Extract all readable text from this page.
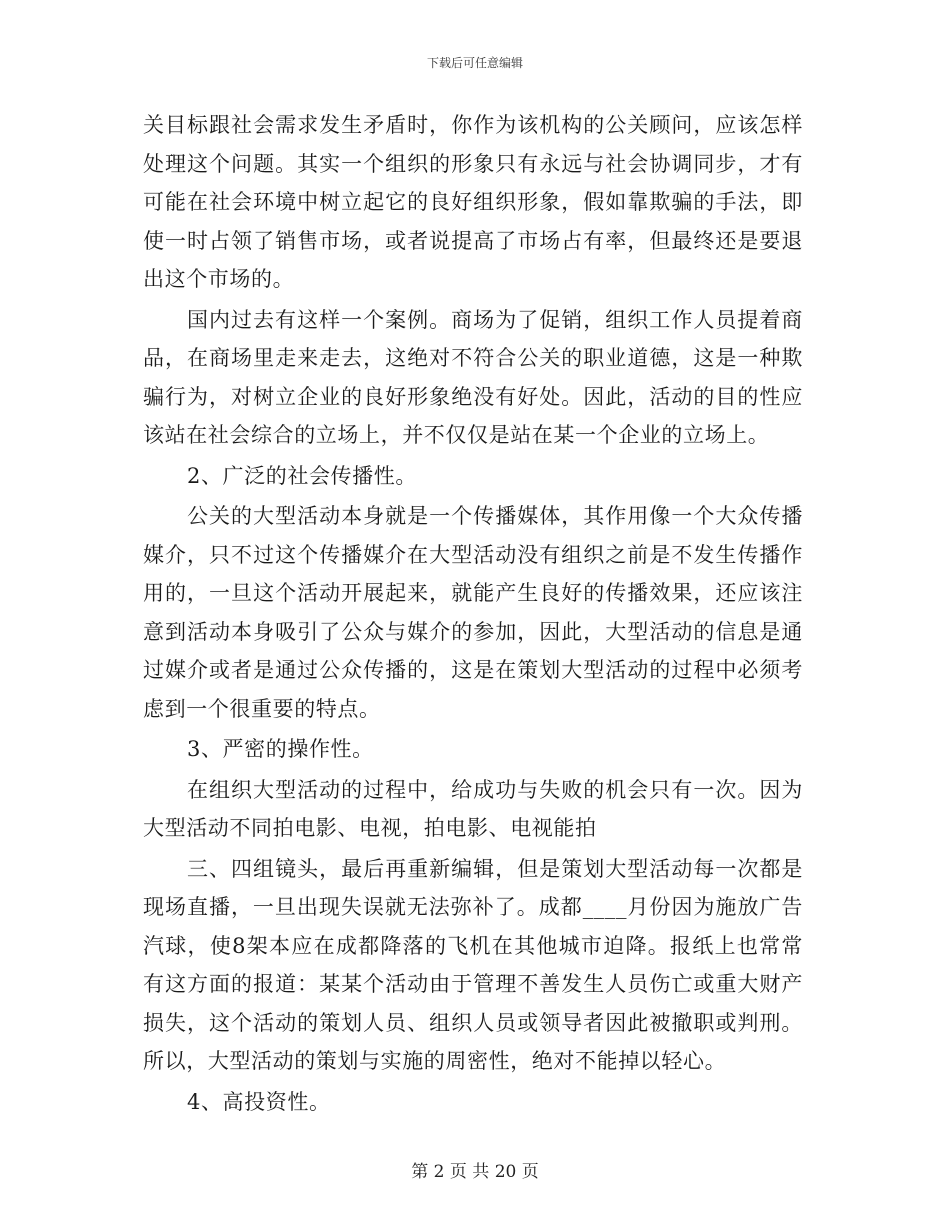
下载后可任意编辑

关目标跟社会需求发生矛盾时，你作为该机构的公关顾问，应该怎样处理这个问题。其实一个组织的形象只有永远与社会协调同步，才有可能在社会环境中树立起它的良好组织形象，假如靠欺骗的手法，即使一时占领了销售市场，或者说提高了市场占有率，但最终还是要退出这个市场的。

国内过去有这样一个案例。商场为了促销，组织工作人员提着商品，在商场里走来走去，这绝对不符合公关的职业道德，这是一种欺骗行为，对树立企业的良好形象绝没有好处。因此，活动的目的性应该站在社会综合的立场上，并不仅仅是站在某一个企业的立场上。

2、广泛的社会传播性。

公关的大型活动本身就是一个传播媒体，其作用像一个大众传播媒介，只不过这个传播媒介在大型活动没有组织之前是不发生传播作用的，一旦这个活动开展起来，就能产生良好的传播效果，还应该注意到活动本身吸引了公众与媒介的参加，因此，大型活动的信息是通过媒介或者是通过公众传播的，这是在策划大型活动的过程中必须考虑到一个很重要的特点。

3、严密的操作性。

在组织大型活动的过程中，给成功与失败的机会只有一次。因为大型活动不同拍电影、电视，拍电影、电视能拍

三、四组镜头，最后再重新编辑，但是策划大型活动每一次都是现场直播，一旦出现失误就无法弥补了。成都____月份因为施放广告汽球，使8架本应在成都降落的飞机在其他城市迫降。报纸上也常常有这方面的报道：某某个活动由于管理不善发生人员伤亡或重大财产损失，这个活动的策划人员、组织人员或领导者因此被撤职或判刑。所以，大型活动的策划与实施的周密性，绝对不能掉以轻心。

4、高投资性。

第 2 页 共 20 页
